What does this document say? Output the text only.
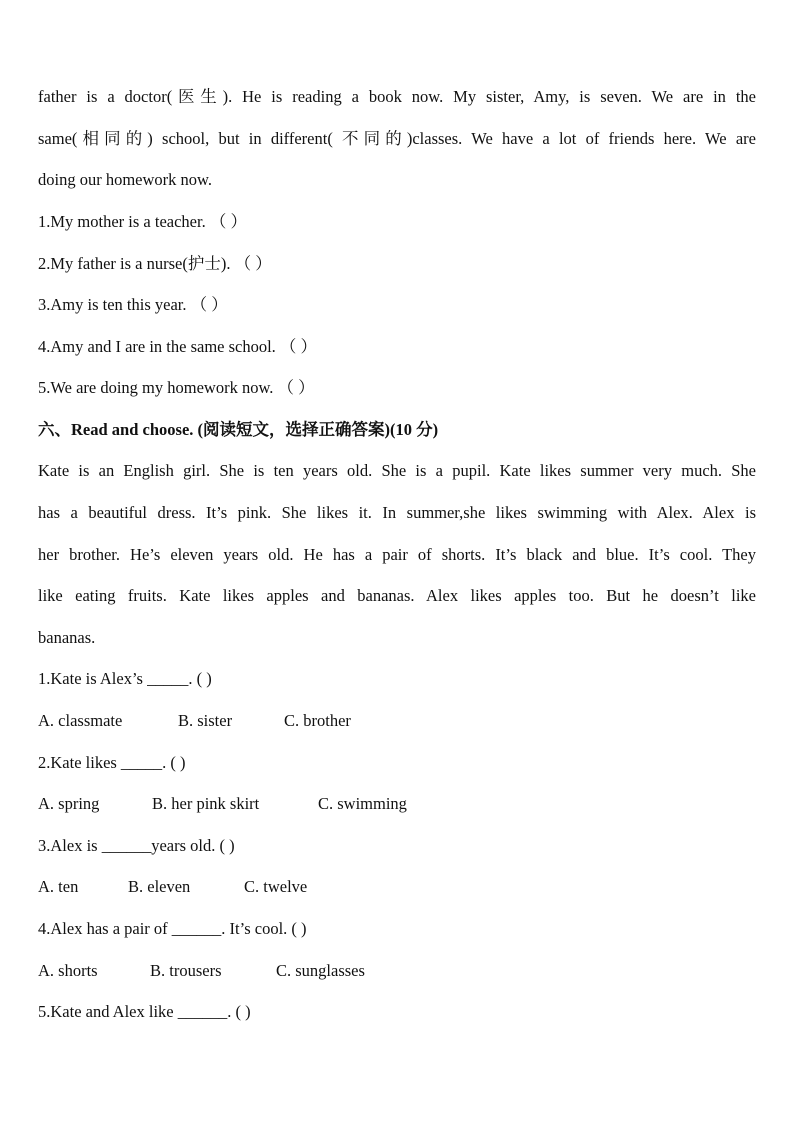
father is a doctor(医生). He is reading a book now. My sister, Amy, is seven. We are in the
same(相同的) school, but in different( 不同的)classes. We have a lot of friends here. We are
doing our homework now.
1.My mother is a teacher. （ ）
2.My father is a nurse(护士). （ ）
3.Amy is ten this year. （ ）
4.Amy and I are in the same school. （ ）
5.We are doing my homework now. （ ）
六、Read and choose. (阅读短文，选择正确答案)(10 分)
Kate is an English girl. She is ten years old. She is a pupil. Kate likes summer very much. She
has a beautiful dress. It’s pink. She likes it. In summer,she likes swimming with Alex. Alex is
her brother. He’s eleven years old. He has a pair of shorts. It’s black and blue. It’s cool. They
like eating fruits. Kate likes apples and bananas. Alex likes apples too. But he doesn’t like
bananas.
1.Kate is Alex’s _____. ( )
A. classmate	B. sister	C. brother
2.Kate likes _____. ( )
A. spring	B. her pink skirt	C. swimming
3.Alex is ______years old. ( )
A. ten	B. eleven	C. twelve
4.Alex has a pair of ______. It’s cool. ( )
A. shorts	B. trousers	C. sunglasses
5.Kate and Alex like ______. ( )
